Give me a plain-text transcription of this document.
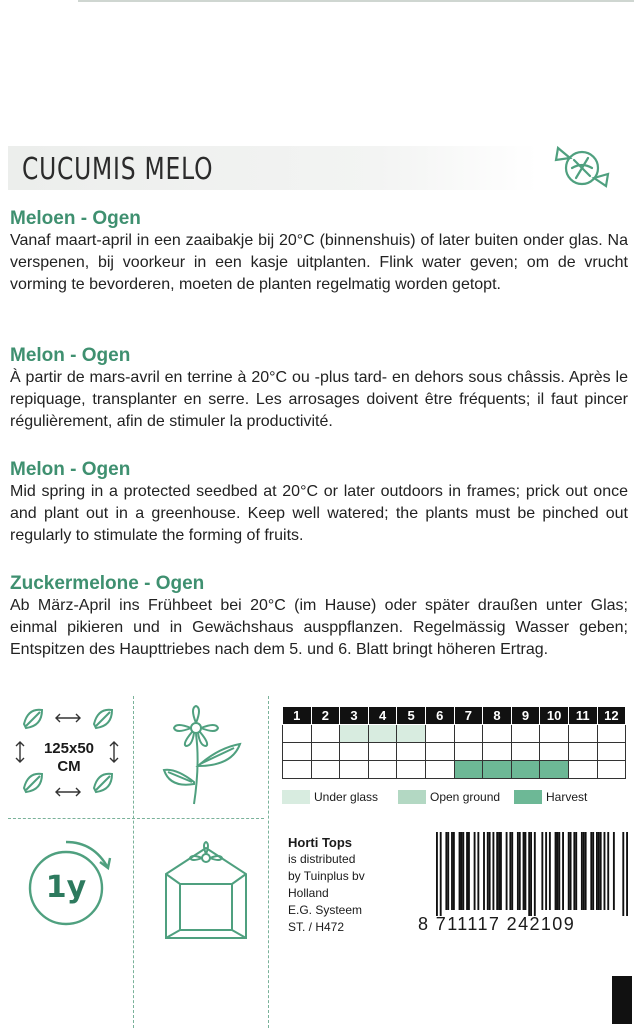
CUCUMIS MELO
Meloen - Ogen

Vanaf maart-april in een zaaibakje bij 20°C (binnenshuis) of later buiten onder glas. Na verspenen, bij voorkeur in een kasje uitplanten. Flink water geven; om de vrucht vorming te bevorderen, moeten de planten regelmatig worden getopt.

Melon - Ogen

À partir de mars-avril en terrine à 20°C ou -plus tard- en dehors sous châssis. Après le repiquage, transplanter en serre. Les arrosages doivent être fréquents; il faut pincer régulièrement, afin de stimuler la productivité.

Melon - Ogen

Mid spring in a protected seedbed at 20°C or later outdoors in frames; prick out once and plant out in a greenhouse. Keep well watered; the plants must be pinched out regularly to stimulate the forming of fruits.

Zuckermelone - Ogen

Ab März-April ins Frühbeet bei 20°C (im Hause) oder später draußen unter Glas; einmal pikieren und in Gewächshaus ausppflanzen. Regelmässig Wasser geben; Entspitzen des Haupttriebes nach dem 5. und 6. Blatt bringt höheren Ertrag.

125x50
CM
1y
1	2	3	4	5	6	7	8	9	10	11	12

Under glass	Open ground	Harvest
Horti Tops
is distributed
by Tuinplus bv
Holland
E.G. Systeem
ST. / H472	8 711117 242109
